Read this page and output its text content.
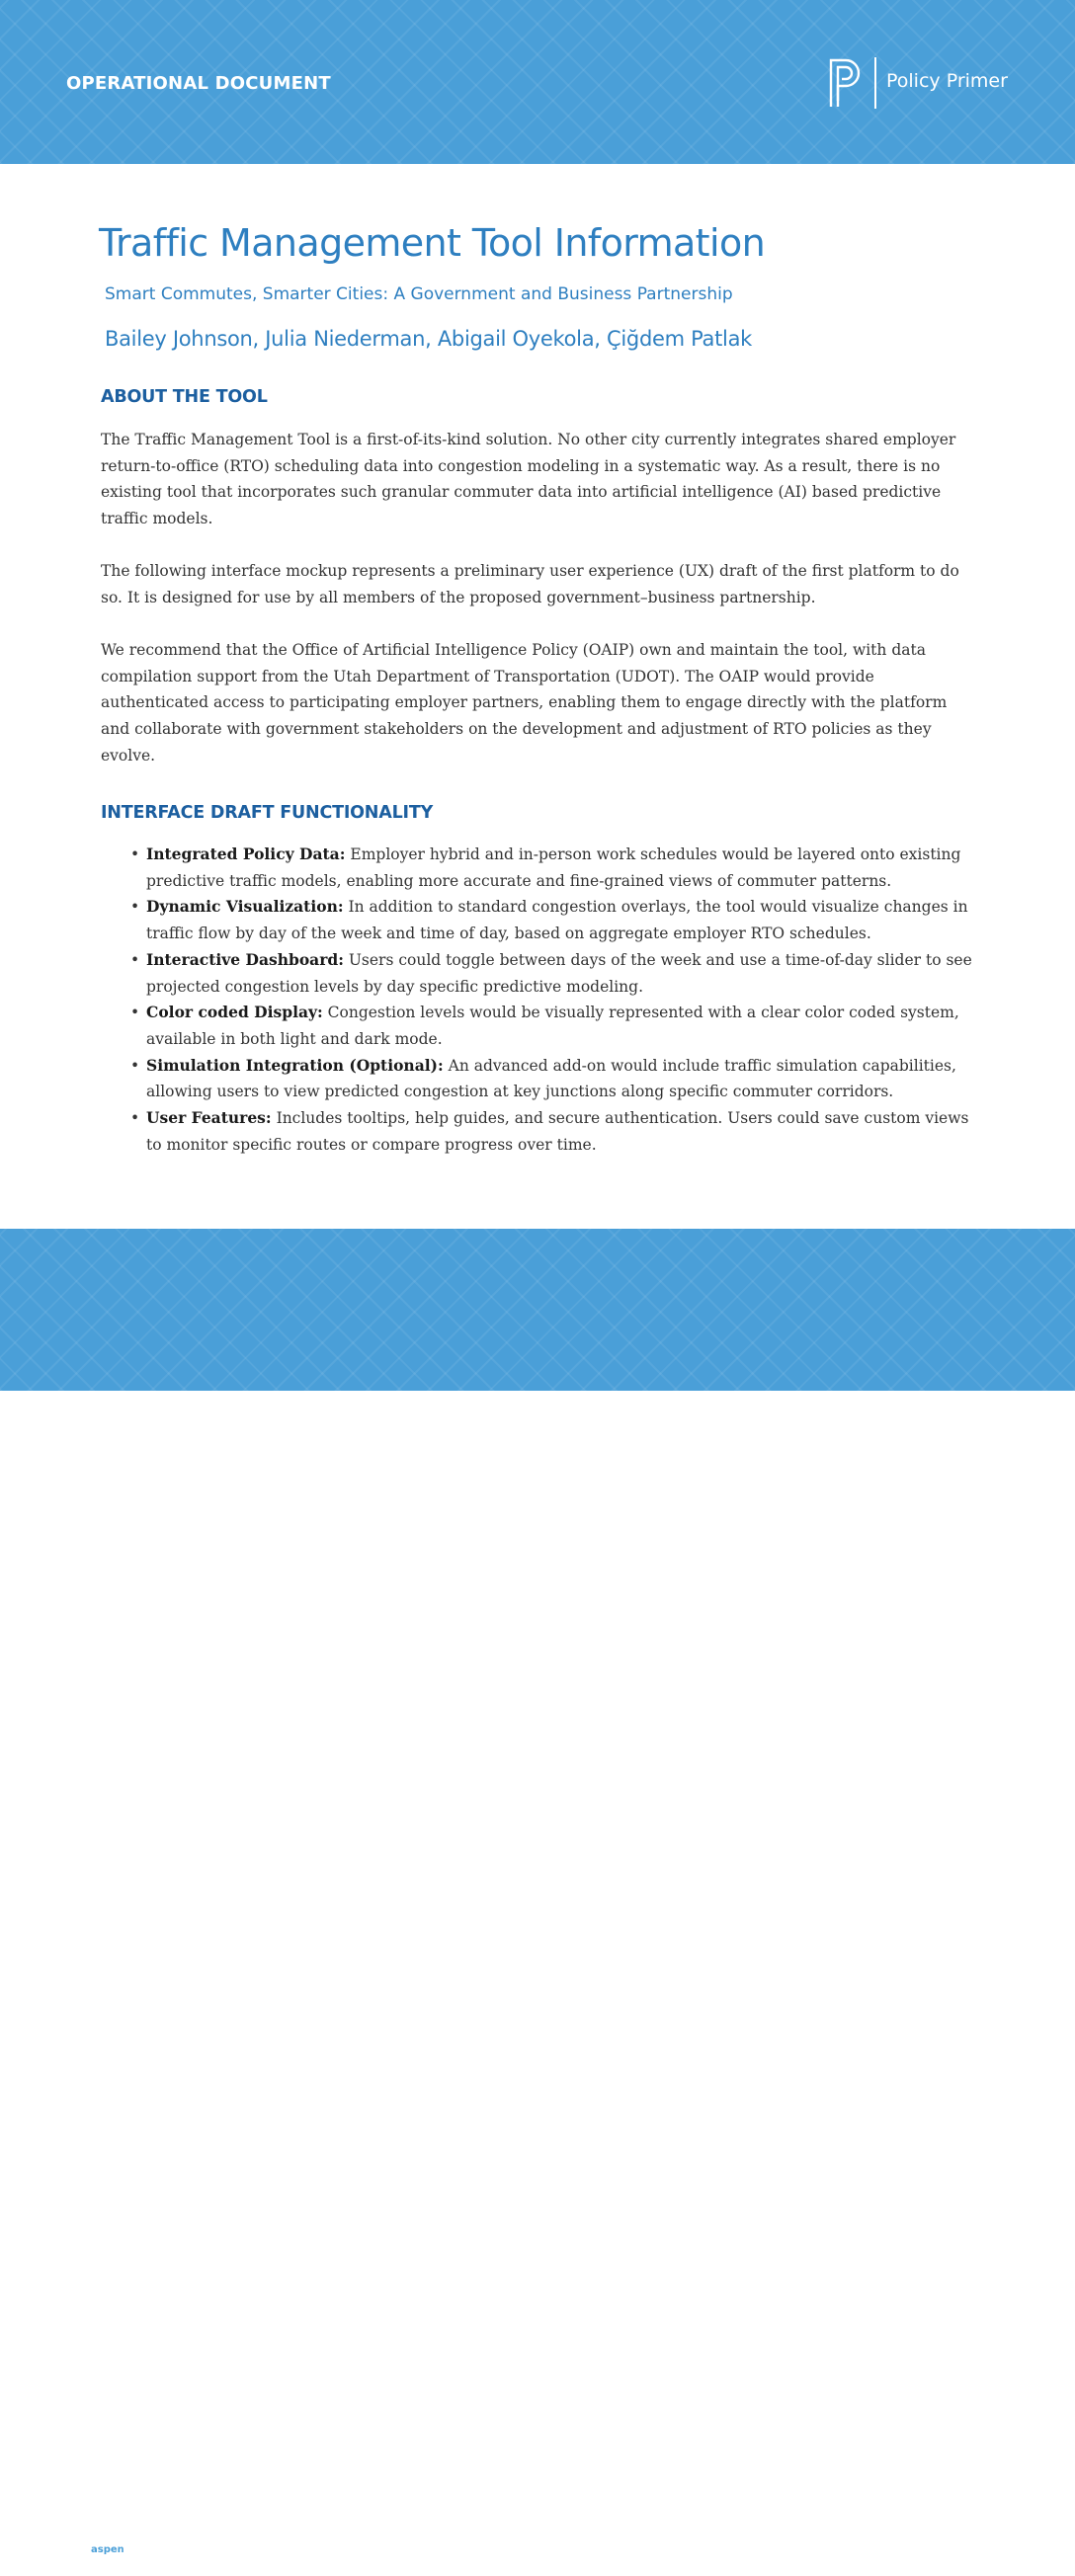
OPERATIONAL DOCUMENT	Policy Primer
Traffic Management Tool Information
Smart Commutes, Smarter Cities: A Government and Business Partnership
Bailey Johnson, Julia Niederman, Abigail Oyekola, Çiğdem Patlak
ABOUT THE TOOL

The Traffic Management Tool is a first-of-its-kind solution. No other city currently integrates shared employer return-to-office (RTO) scheduling data into congestion modeling in a systematic way. As a result, there is no existing tool that incorporates such granular commuter data into artificial intelligence (AI) based predictive traffic models.

The following interface mockup represents a preliminary user experience (UX) draft of the first platform to do so. It is designed for use by all members of the proposed government–business partnership.

We recommend that the Office of Artificial Intelligence Policy (OAIP) own and maintain the tool, with data compilation support from the Utah Department of Transportation (UDOT). The OAIP would provide authenticated access to participating employer partners, enabling them to engage directly with the platform and collaborate with government stakeholders on the development and adjustment of RTO policies as they evolve.

INTERFACE DRAFT FUNCTIONALITY
• Integrated Policy Data: Employer hybrid and in-person work schedules would be layered onto existing predictive traffic models, enabling more accurate and fine-grained views of commuter patterns.
• Dynamic Visualization: In addition to standard congestion overlays, the tool would visualize changes in traffic flow by day of the week and time of day, based on aggregate employer RTO schedules.
• Interactive Dashboard: Users could toggle between days of the week and use a time-of-day slider to see projected congestion levels by day specific predictive modeling.
• Color coded Display: Congestion levels would be visually represented with a clear color coded system, available in both light and dark mode.
• Simulation Integration (Optional): An advanced add-on would include traffic simulation capabilities, allowing users to view predicted congestion at key junctions along specific commuter corridors.
• User Features: Includes tooltips, help guides, and secure authentication. Users could save custom views to monitor specific routes or compare progress over time.
aspen
institute
1
